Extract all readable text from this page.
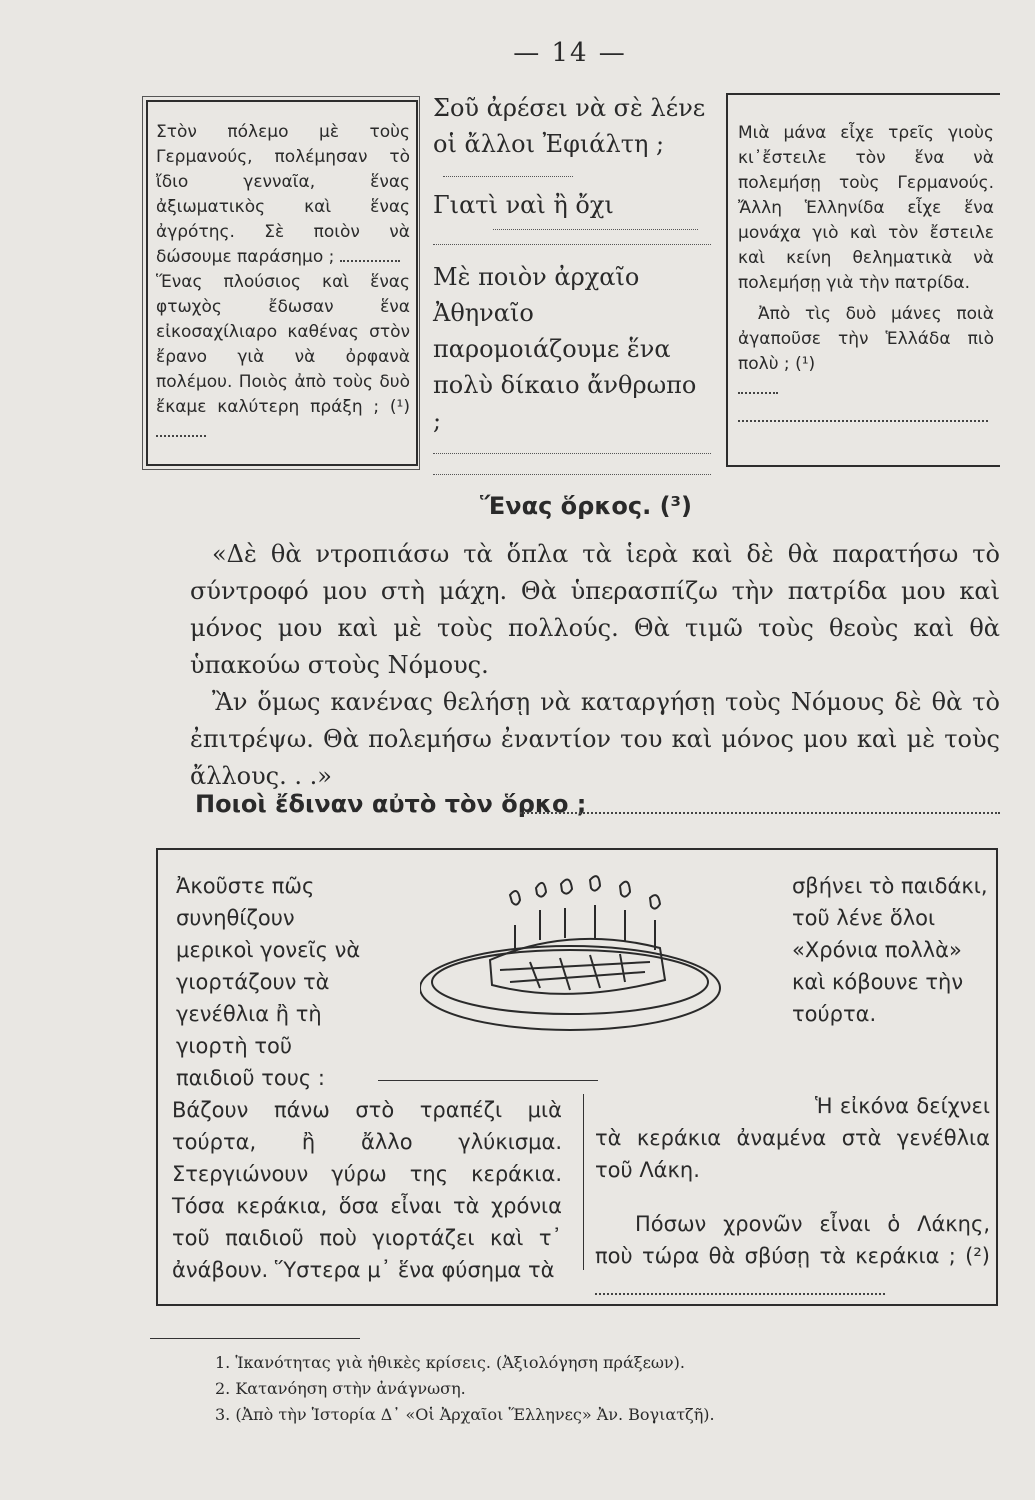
— 14 —
Στὸν πόλεμο μὲ τοὺς Γερμανούς, πολέμησαν τὸ ἴδιο γενναῖα, ἕνας ἀξιωματικὸς καὶ ἕνας ἀγρότης. Σὲ ποιὸν νὰ δώσουμε παράσημο ;
Ἕνας πλούσιος καὶ ἕνας φτωχὸς ἔδωσαν ἕνα εἰκοσαχίλιαρο καθένας στὸν ἔρανο γιὰ νὰ ὀρφανὰ πολέμου. Ποιὸς ἀπὸ τοὺς δυὸ ἔκαμε καλύτερη πράξη ; (¹)

Σοῦ ἀρέσει νὰ σὲ λένε οἱ ἄλλοι Ἐφιάλτη ;

Γιατὶ ναὶ ἢ ὄχι

Μὲ ποιὸν ἀρχαῖο Ἀθηναῖο παρομοιάζουμε ἕνα πολὺ δίκαιο ἄνθρωπο ;

Μιὰ μάνα εἶχε τρεῖς γιοὺς κι᾽ἔστειλε τὸν ἕνα νὰ πολεμήσῃ τοὺς Γερμανούς. Ἄλλη Ἑλληνίδα εἶχε ἕνα μονάχα γιὸ καὶ τὸν ἔστειλε καὶ κείνη θεληματικὰ νὰ πολεμήσῃ γιὰ τὴν πατρίδα.
Ἀπὸ τὶς δυὸ μάνες ποιὰ ἀγαποῦσε τὴν Ἑλλάδα πιὸ πολὺ ; (¹)
Ἕνας ὅρκος. (³)

«Δὲ θὰ ντροπιάσω τὰ ὅπλα τὰ ἱερὰ καὶ δὲ θὰ παρατήσω τὸ σύντροφό μου στὴ μάχη. Θὰ ὑπερασπίζω τὴν πατρίδα μου καὶ μόνος μου καὶ μὲ τοὺς πολλούς. Θὰ τιμῶ τοὺς θεοὺς καὶ θὰ ὑπακούω στοὺς Νόμους.

Ἂν ὅμως κανένας θελήσῃ νὰ καταργήσῃ τοὺς Νόμους δὲ θὰ τὸ ἐπιτρέψω. Θὰ πολεμήσω ἐναντίον του καὶ μόνος μου καὶ μὲ τοὺς ἄλλους. . .»

Ποιοὶ ἔδιναν αὐτὸ τὸν ὅρκο ;
Ἀκοῦστε πῶς συνηθίζουν μερικοὶ γονεῖς νὰ γιορτάζουν τὰ γενέθλια ἢ τὴ γιορτὴ τοῦ παιδιοῦ τους :
Βάζουν πάνω στὸ τραπέζι μιὰ τούρτα, ἢ ἄλλο γλύκισμα. Στεργιώνουν γύρω της κεράκια. Τόσα κεράκια, ὅσα εἶναι τὰ χρόνια τοῦ παιδιοῦ ποὺ γιορτάζει καὶ τ᾽ ἀνάβουν. Ὕστερα μ᾽ ἕνα φύσημα τὰ
σβήνει τὸ παιδάκι, τοῦ λένε ὅλοι «Χρόνια πολλὰ» καὶ κόβουνε τὴν τούρτα.

Ἡ εἰκόνα δείχνει τὰ κεράκια ἀναμένα στὰ γενέθλια τοῦ Λάκη.

Πόσων χρονῶν εἶναι ὁ Λάκης, ποὺ τώρα θὰ σβύσῃ τὰ κεράκια ; (²)

1. Ἱκανότητας γιὰ ἠθικὲς κρίσεις. (Ἀξιολόγηση πράξεων).

2. Κατανόηση στὴν ἀνάγνωση.

3. (Ἀπὸ τὴν Ἱστορία Δ᾽ «Οἱ Ἀρχαῖοι Ἕλληνες» Ἀν. Βογιατζῆ).
